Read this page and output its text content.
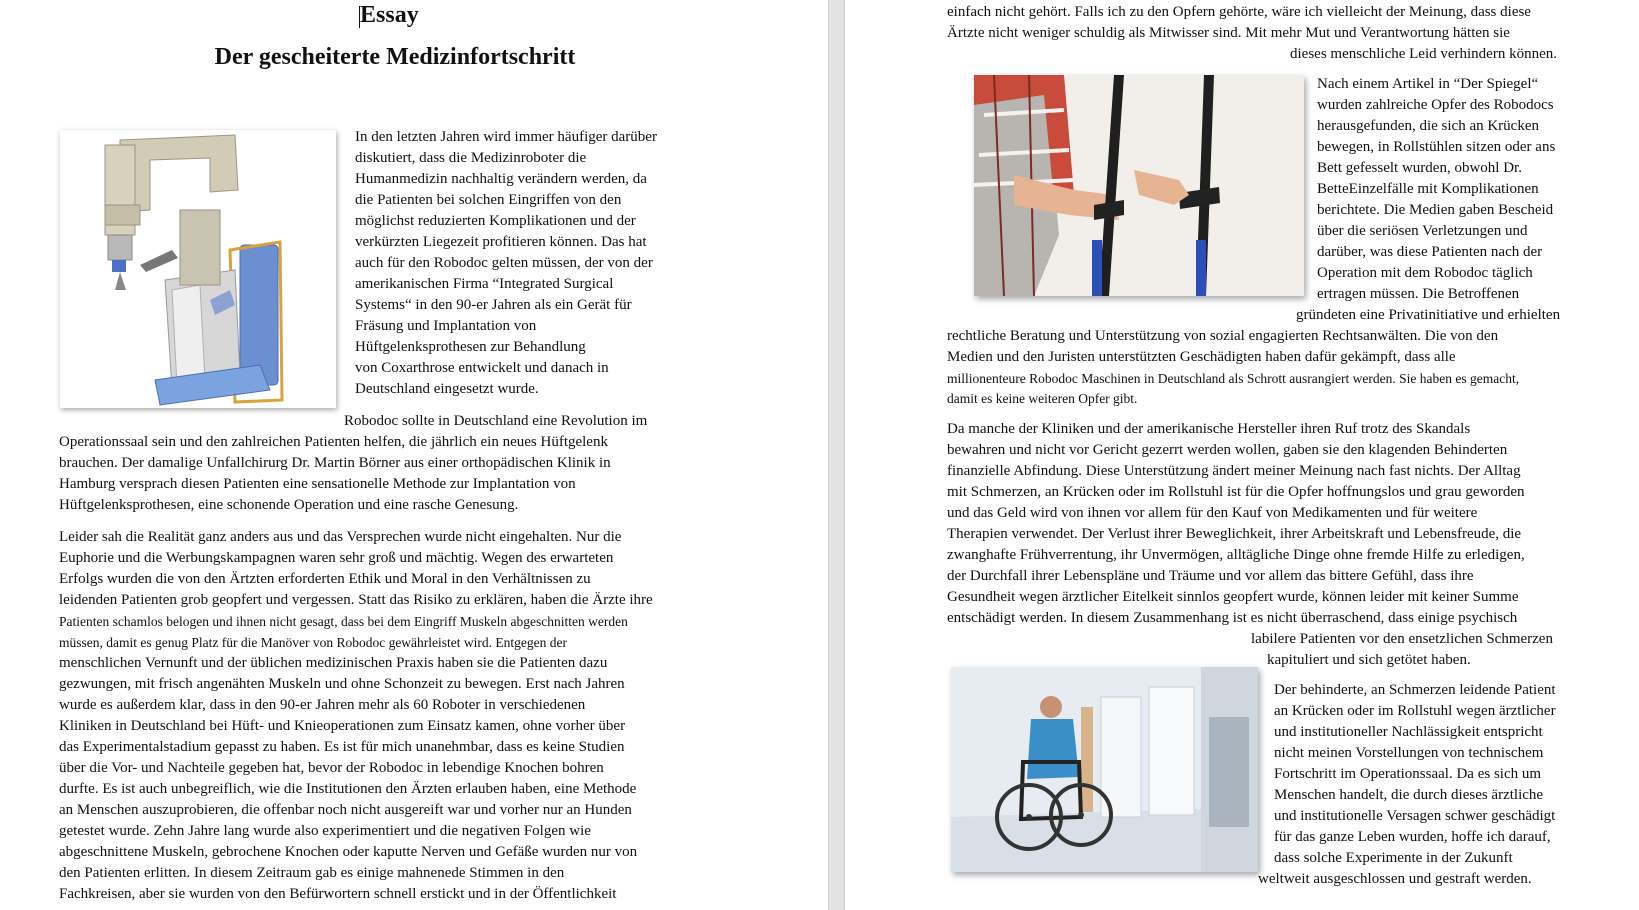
Essay
Der gescheiterte Medizinfortschritt
In den letzten Jahren wird immer häufiger darüber
diskutiert, dass die Medizinroboter die
Humanmedizin nachhaltig verändern werden, da
die Patienten bei solchen Eingriffen von den
möglichst reduzierten Komplikationen und der
verkürzten Liegezeit profitieren können. Das hat
auch für den Robodoc gelten müssen, der von der
amerikanischen Firma “Integrated Surgical
Systems“ in den 90-er Jahren als ein Gerät für
Fräsung und Implantation von
Hüftgelenksprothesen zur Behandlung
von Coxarthrose entwickelt und danach in
Deutschland eingesetzt wurde.
Robodoc sollte in Deutschland eine Revolution im
Operationssaal sein und den zahlreichen Patienten helfen, die jährlich ein neues Hüftgelenk
brauchen. Der damalige Unfallchirurg Dr. Martin Börner aus einer orthopädischen Klinik in
Hamburg versprach diesen Patienten eine sensationelle Methode zur Implantation von
Hüftgelenksprothesen, eine schonende Operation und eine rasche Genesung.
Leider sah die Realität ganz anders aus und das Versprechen wurde nicht eingehalten. Nur die
Euphorie und die Werbungskampagnen waren sehr groß und mächtig. Wegen des erwarteten
Erfolgs wurden die von den Ärtzten erforderten Ethik und Moral in den Verhältnissen zu
leidenden Patienten grob geopfert und vergessen. Statt das Risiko zu erklären, haben die Ärzte ihre
Patienten schamlos belogen und ihnen nicht gesagt, dass bei dem Eingriff Muskeln abgeschnitten werden
müssen, damit es genug Platz für die Manöver von Robodoc gewährleistet wird. Entgegen der
menschlichen Vernunft und der üblichen medizinischen Praxis haben sie die Patienten dazu
gezwungen, mit frisch angenähten Muskeln und ohne Schonzeit zu bewegen. Erst nach Jahren
wurde es außerdem klar, dass in den 90-er Jahren mehr als 60 Roboter in verschiedenen
Kliniken in Deutschland bei Hüft- und Knieoperationen zum Einsatz kamen, ohne vorher über
das Experimentalstadium gepasst zu haben. Es ist für mich unanehmbar, dass es keine Studien
über die Vor- und Nachteile gegeben hat, bevor der Robodoc in lebendige Knochen bohren
durfte. Es ist auch unbegreiflich, wie die Institutionen den Ärzten erlauben haben, eine Methode
an Menschen auszuprobieren, die offenbar noch nicht ausgereift war und vorher nur an Hunden
getestet wurde. Zehn Jahre lang wurde also experimentiert und die negativen Folgen wie
abgeschnittene Muskeln, gebrochene Knochen oder kaputte Nerven und Gefäße wurden nur von
den Patienten erlitten. In diesem Zeitraum gab es einige mahnenede Stimmen in den
Fachkreisen, aber sie wurden von den Befürwortern schnell erstickt und in der Öffentlichkeit
einfach nicht gehört. Falls ich zu den Opfern gehörte, wäre ich vielleicht der Meinung, dass diese
Ärtzte nicht weniger schuldig als Mitwisser sind. Mit mehr Mut und Verantwortung hätten sie
dieses menschliche Leid verhindern können.
Nach einem Artikel in “Der Spiegel“
wurden zahlreiche Opfer des Robodocs
herausgefunden, die sich an Krücken
bewegen, in Rollstühlen sitzen oder ans
Bett gefesselt wurden, obwohl Dr.
BetteEinzelfälle mit Komplikationen
berichtete. Die Medien gaben Bescheid
über die seriösen Verletzungen und
darüber, was diese Patienten nach der
Operation mit dem Robodoc täglich
ertragen müssen. Die Betroffenen
gründeten eine Privatinitiative und erhielten
rechtliche Beratung und Unterstützung von sozial engagierten Rechtsanwälten. Die von den
Medien und den Juristen unterstützten Geschädigten haben dafür gekämpft, dass alle
millionenteure Robodoc Maschinen in Deutschland als Schrott ausrangiert werden. Sie haben es gemacht,
damit es keine weiteren Opfer gibt.
Da manche der Kliniken und der amerikanische Hersteller ihren Ruf trotz des Skandals
bewahren und nicht vor Gericht gezerrt werden wollen, gaben sie den klagenden Behinderten
finanzielle Abfindung. Diese Unterstützung ändert meiner Meinung nach fast nichts. Der Alltag
mit Schmerzen, an Krücken oder im Rollstuhl ist für die Opfer hoffnungslos und grau geworden
und das Geld wird von ihnen vor allem für den Kauf von Medikamenten und für weitere
Therapien verwendet. Der Verlust ihrer Beweglichkeit, ihrer Arbeitskraft und Lebensfreude, die
zwanghafte Frühverrentung, ihr Unvermögen, alltägliche Dinge ohne fremde Hilfe zu erledigen,
der Durchfall ihrer Lebenspläne und Träume und vor allem das bittere Gefühl, dass ihre
Gesundheit wegen ärztlicher Eitelkeit sinnlos geopfert wurde, können leider mit keiner Summe
entschädigt werden. In diesem Zusammenhang ist es nicht überraschend, dass einige psychisch
labilere Patienten vor den ensetzlichen Schmerzen
kapituliert und sich getötet haben.
Der behinderte, an Schmerzen leidende Patient
an Krücken oder im Rollstuhl wegen ärztlicher
und institutioneller Nachlässigkeit entspricht
nicht meinen Vorstellungen von technischem
Fortschritt im Operationssaal. Da es sich um
Menschen handelt, die durch dieses ärztliche
und institutionelle Versagen schwer geschädigt
für das ganze Leben wurden, hoffe ich darauf,
dass solche Experimente in der Zukunft
weltweit ausgeschlossen und gestraft werden.
